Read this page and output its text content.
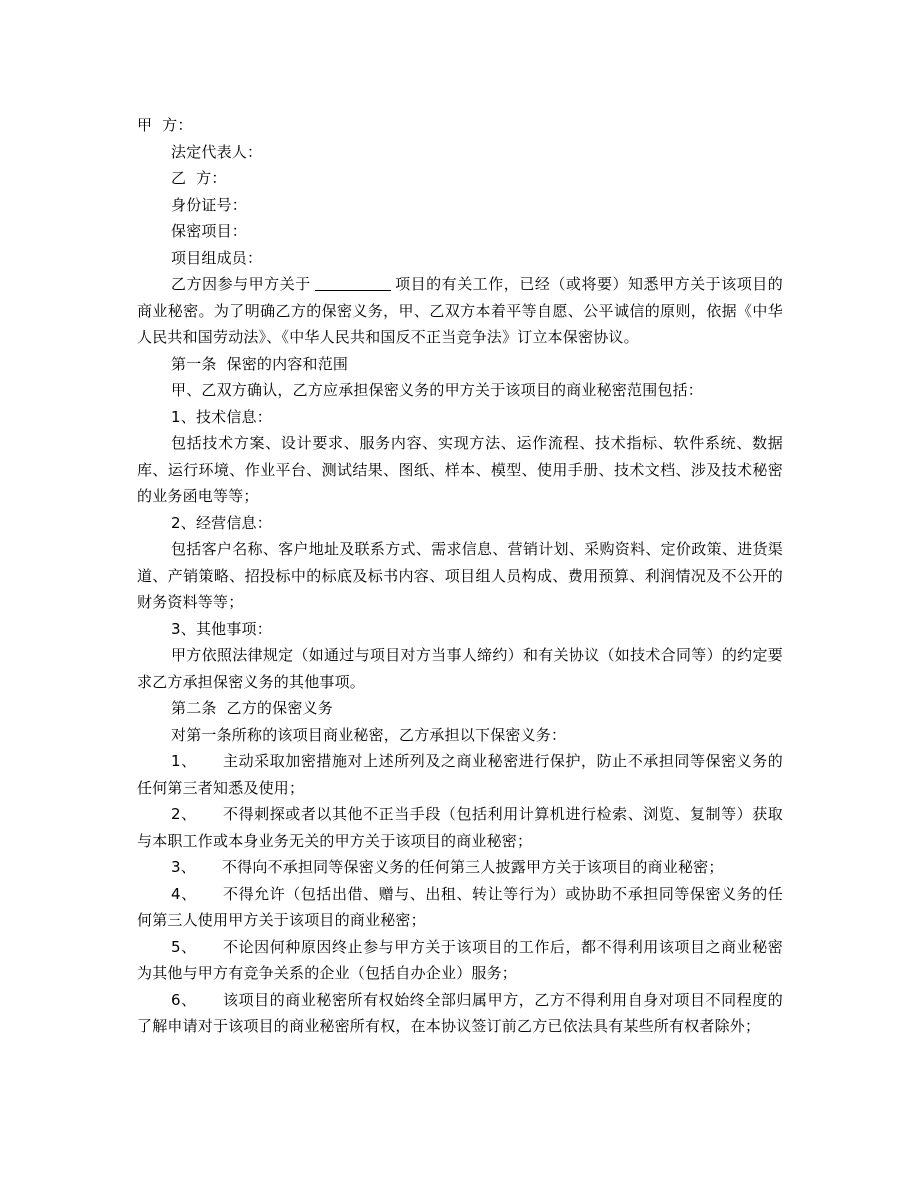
甲  方：

法定代表人：

乙  方：

身份证号：

保密项目：

项目组成员：

乙方因参与甲方关于	项目的有关工作，已经（或将要）知悉甲方关于该项目的商业秘密。为了明确乙方的保密义务，甲、乙双方本着平等自愿、公平诚信的原则，依据《中华人民共和国劳动法》、《中华人民共和国反不正当竞争法》订立本保密协议。

第一条  保密的内容和范围

甲、乙双方确认，乙方应承担保密义务的甲方关于该项目的商业秘密范围包括：

1、技术信息：

包括技术方案、设计要求、服务内容、实现方法、运作流程、技术指标、软件系统、数据库、运行环境、作业平台、测试结果、图纸、样本、模型、使用手册、技术文档、涉及技术秘密的业务函电等等；

2、经营信息：

包括客户名称、客户地址及联系方式、需求信息、营销计划、采购资料、定价政策、进货渠道、产销策略、招投标中的标底及标书内容、项目组人员构成、费用预算、利润情况及不公开的财务资料等等；

3、其他事项：

甲方依照法律规定（如通过与项目对方当事人缔约）和有关协议（如技术合同等）的约定要求乙方承担保密义务的其他事项。

第二条  乙方的保密义务

对第一条所称的该项目商业秘密，乙方承担以下保密义务：

1、 主动采取加密措施对上述所列及之商业秘密进行保护，防止不承担同等保密义务的任何第三者知悉及使用；

2、 不得刺探或者以其他不正当手段（包括利用计算机进行检索、浏览、复制等）获取与本职工作或本身业务无关的甲方关于该项目的商业秘密；

3、 不得向不承担同等保密义务的任何第三人披露甲方关于该项目的商业秘密；

4、 不得允许（包括出借、赠与、出租、转让等行为）或协助不承担同等保密义务的任何第三人使用甲方关于该项目的商业秘密；

5、 不论因何种原因终止参与甲方关于该项目的工作后，都不得利用该项目之商业秘密为其他与甲方有竞争关系的企业（包括自办企业）服务；

6、 该项目的商业秘密所有权始终全部归属甲方，乙方不得利用自身对项目不同程度的了解申请对于该项目的商业秘密所有权，在本协议签订前乙方已依法具有某些所有权者除外；
